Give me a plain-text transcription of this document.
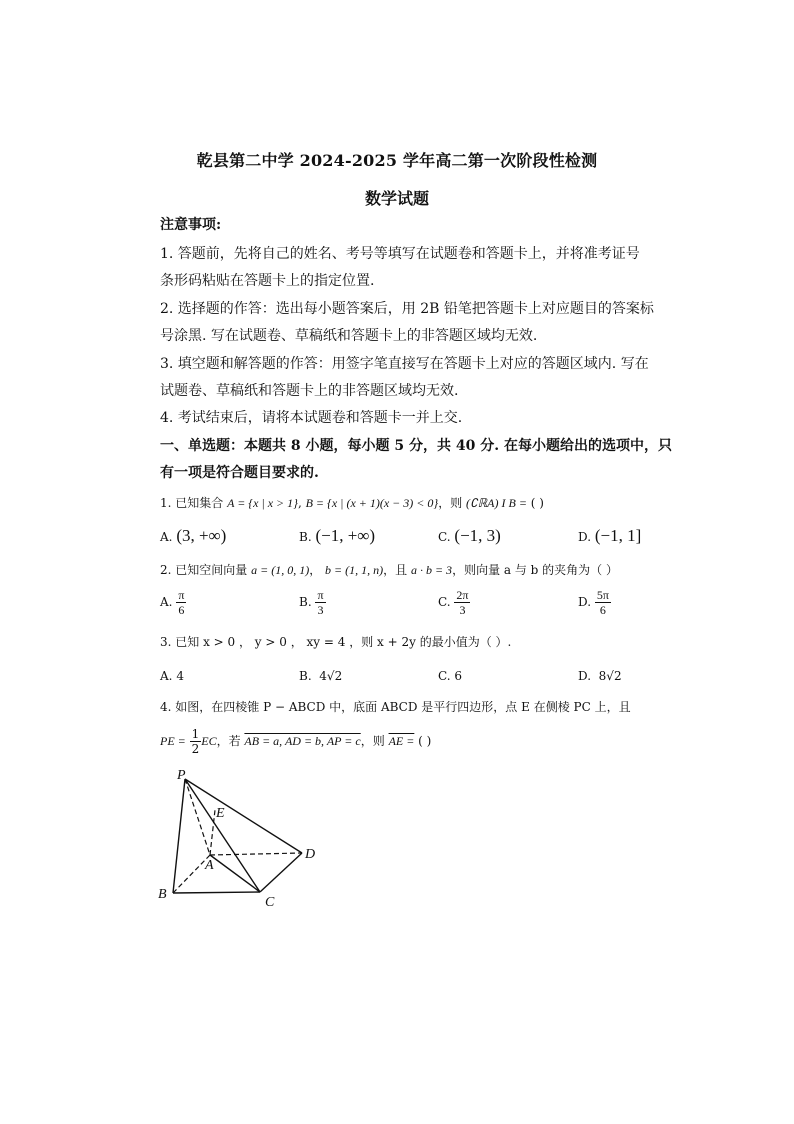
乾县第二中学 2024-2025 学年高二第一次阶段性检测
数学试题
注意事项:
1. 答题前，先将自己的姓名、考号等填写在试题卷和答题卡上，并将准考证号
条形码粘贴在答题卡上的指定位置.
2. 选择题的作答：选出每小题答案后，用 2B 铅笔把答题卡上对应题目的答案标
号涂黑. 写在试题卷、草稿纸和答题卡上的非答题区域均无效.
3. 填空题和解答题的作答：用签字笔直接写在答题卡上对应的答题区域内. 写在
试题卷、草稿纸和答题卡上的非答题区域均无效.
4. 考试结束后，请将本试题卷和答题卡一并上交.
一、单选题：本题共 8 小题，每小题 5 分，共 40 分. 在每小题给出的选项中，只
有一项是符合题目要求的.
1. 已知集合 A = {x | x > 1}, B = {x | (x + 1)(x − 3) < 0}，则 (∁ℝA) I B = ( )
A. (3, +∞)	B. (−1, +∞)	C. (−1, 3)	D. (−1, 1]
2. 已知空间向量 a = (1, 0, 1)， b = (1, 1, n)，且 a · b = 3，则向量 a 与 b 的夹角为（ ）
A. $\frac{\pi}{6}$	B. $\frac{\pi}{3}$	C. $\frac{2\pi}{3}$	D. $\frac{5\pi}{6}$
3. 已知 x > 0 ， y > 0 ， xy = 4 ，则 x + 2y 的最小值为（ ）.
A. 4	B. 4√2	C. 6	D. 8√2
4. 如图，在四棱锥 P − ABCD 中，底面 ABCD 是平行四边形，点 E 在侧棱 PC 上，且
PE = $\frac{1}{2}$ EC，若 AB = a, AD = b, AP = c，则 AE = ( )
P
E
A
B
C
D
